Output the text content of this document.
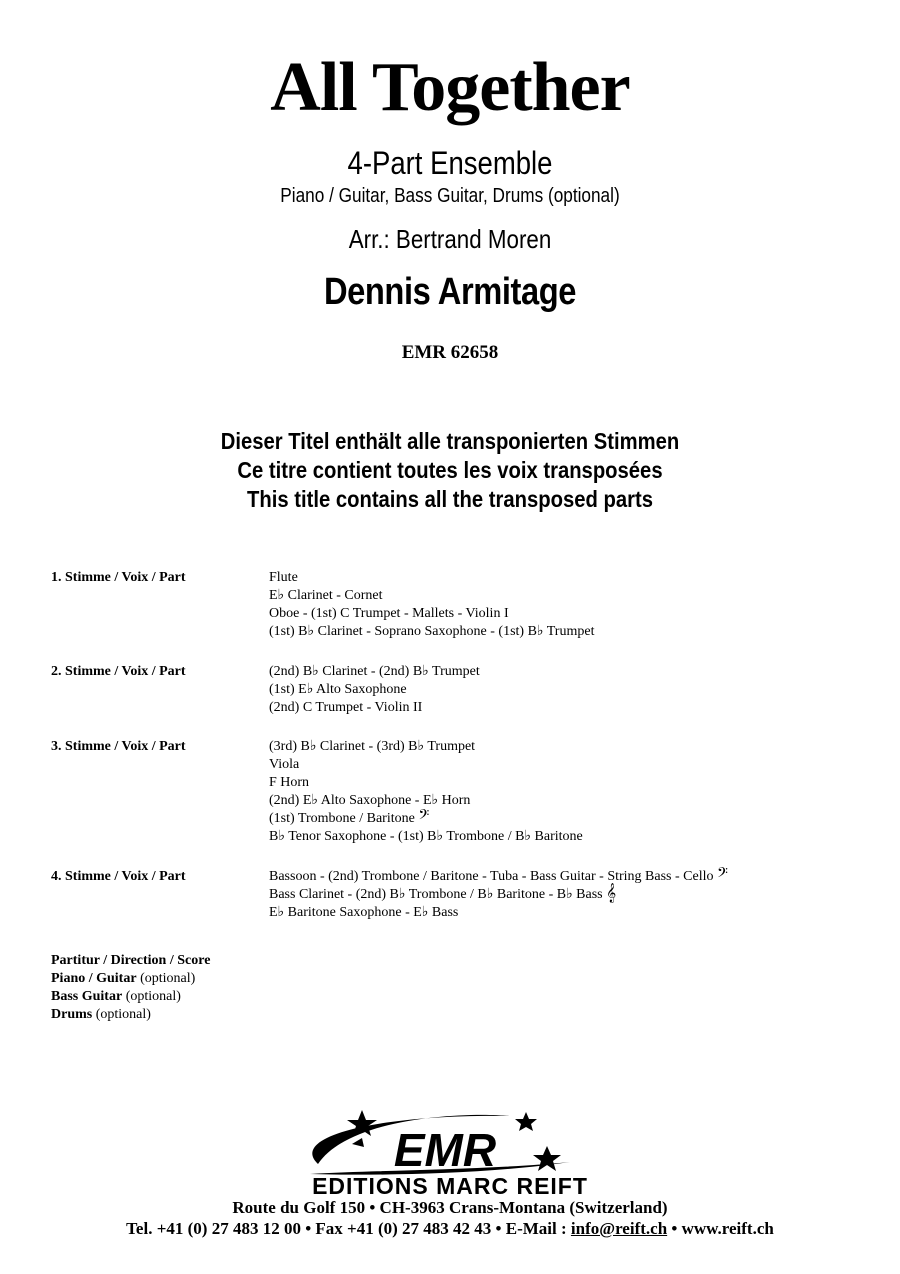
All Together
4-Part Ensemble
Piano / Guitar, Bass Guitar, Drums (optional)
Arr.: Bertrand Moren
Dennis Armitage
EMR 62658
Dieser Titel enthält alle transponierten Stimmen
Ce titre contient toutes les voix transposées
This title contains all the transposed parts
1. Stimme / Voix / Part	Flute
E♭ Clarinet - Cornet
Oboe - (1st) C Trumpet - Mallets - Violin I
(1st) B♭ Clarinet - Soprano Saxophone - (1st) B♭ Trumpet
2. Stimme / Voix / Part	(2nd) B♭ Clarinet - (2nd) B♭ Trumpet
(1st) E♭ Alto Saxophone
(2nd) C Trumpet - Violin II
3. Stimme / Voix / Part	(3rd) B♭ Clarinet - (3rd) B♭ Trumpet
Viola
F Horn
(2nd) E♭ Alto Saxophone - E♭ Horn
(1st) Trombone / Baritone 𝄢
B♭ Tenor Saxophone - (1st) B♭ Trombone / B♭ Baritone
4. Stimme / Voix / Part	Bassoon - (2nd) Trombone / Baritone - Tuba - Bass Guitar - String Bass - Cello 𝄢
Bass Clarinet - (2nd) B♭ Trombone / B♭ Baritone - B♭ Bass 𝄞
E♭ Baritone Saxophone - E♭ Bass
Partitur / Direction / Score
Piano / Guitar (optional)
Bass Guitar (optional)
Drums (optional)
EMR
EDITIONS MARC REIFT
Route du Golf 150 • CH-3963 Crans-Montana (Switzerland)
Tel. +41 (0) 27 483 12 00 • Fax +41 (0) 27 483 42 43 • E-Mail : info@reift.ch • www.reift.ch
